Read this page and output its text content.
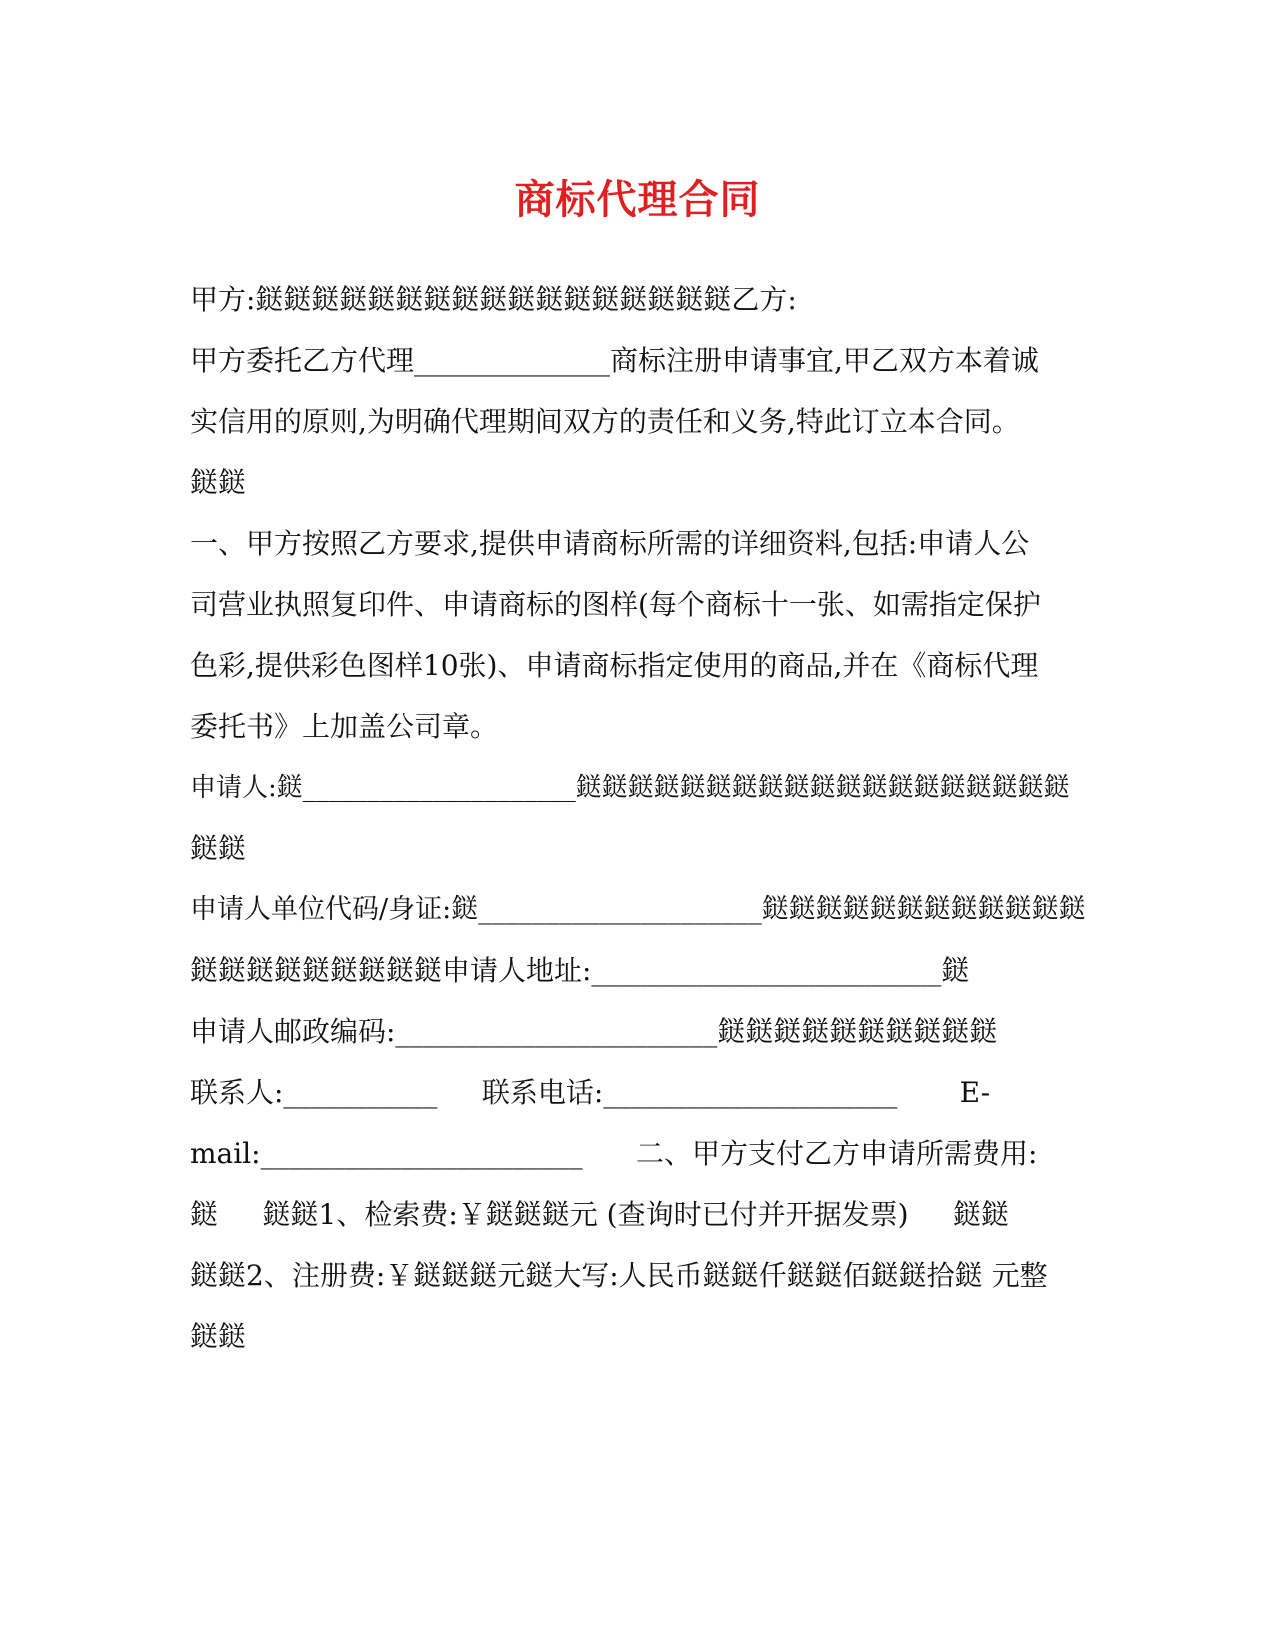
商标代理合同
甲方:鎹鎹鎹鎹鎹鎹鎹鎹鎹鎹鎹鎹鎹鎹鎹鎹鎹乙方:
甲方委托乙方代理______________商标注册申请事宜,甲乙双方本着诚
实信用的原则,为明确代理期间双方的责任和义务,特此订立本合同。
鎹鎹
一、甲方按照乙方要求,提供申请商标所需的详细资料,包括:申请人公
司营业执照复印件、申请商标的图样(每个商标十一张、如需指定保护
色彩,提供彩色图样10张)、申请商标指定使用的商品,并在《商标代理
委托书》上加盖公司章。
申请人:鎹_____________________鎹鎹鎹鎹鎹鎹鎹鎹鎹鎹鎹鎹鎹鎹鎹鎹鎹鎹鎹
鎹鎹
申请人单位代码/身证:鎹_____________________鎹鎹鎹鎹鎹鎹鎹鎹鎹鎹鎹鎹
鎹鎹鎹鎹鎹鎹鎹鎹鎹申请人地址:_________________________鎹
申请人邮政编码:_______________________鎹鎹鎹鎹鎹鎹鎹鎹鎹鎹
联系人:___________     联系电话:_____________________       E-
mail:_______________________      二、甲方支付乙方申请所需费用:
鎹     鎹鎹1、检索费:￥鎹鎹鎹元 (查询时已付并开据发票)     鎹鎹
鎹鎹2、注册费:￥鎹鎹鎹元鎹大写:人民币鎹鎹仟鎹鎹佰鎹鎹拾鎹 元整
鎹鎹
